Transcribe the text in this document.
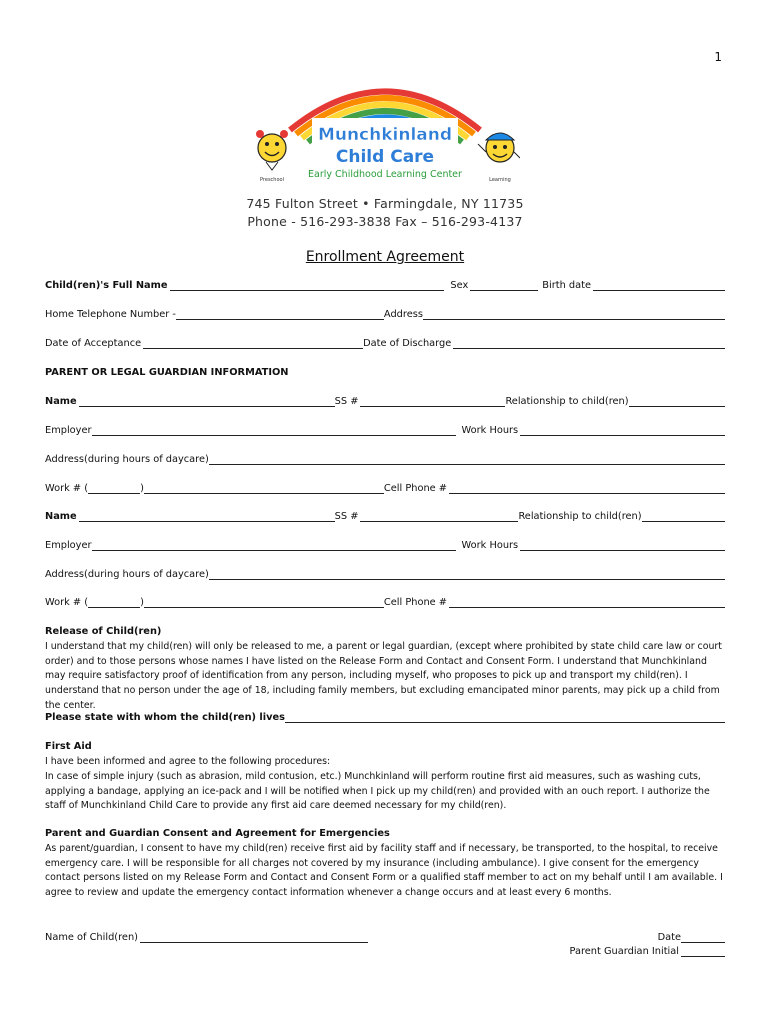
1
Munchkinland
Child Care
Early Childhood Learning Center
Preschool	Learning
745 Fulton Street • Farmingdale, NY 11735
Phone - 516-293-3838 Fax – 516-293-4137
Enrollment Agreement
Child(ren)'s Full Name	Sex	Birth date
Home Telephone Number -	Address
Date of Acceptance	Date of Discharge
PARENT OR LEGAL GUARDIAN INFORMATION
Name	SS #	Relationship to child(ren)
Employer	Work Hours
Address(during hours of daycare)
Work # (	)	Cell Phone #
Name	SS #	Relationship to child(ren)
Employer	Work Hours
Address(during hours of daycare)
Work # (	)	Cell Phone #
Release of Child(ren)
I understand that my child(ren) will only be released to me, a parent or legal guardian, (except where prohibited by state child care law or court order) and to those persons whose names I have listed on the Release Form and Contact and Consent Form. I understand that Munchkinland may require satisfactory proof of identification from any person, including myself, who proposes to pick up and transport my child(ren). I understand that no person under the age of 18, including family members, but excluding emancipated minor parents, may pick up a child from the center.
Please state with whom the child(ren) lives
First Aid
I have been informed and agree to the following procedures:
In case of simple injury (such as abrasion, mild contusion, etc.) Munchkinland will perform routine first aid measures, such as washing cuts, applying a bandage, applying an ice-pack and I will be notified when I pick up my child(ren) and provided with an ouch report. I authorize the staff of Munchkinland Child Care to provide any first aid care deemed necessary for my child(ren).
Parent and Guardian Consent and Agreement for Emergencies
As parent/guardian, I consent to have my child(ren) receive first aid by facility staff and if necessary, be transported, to the hospital, to receive emergency care. I will be responsible for all charges not covered by my insurance (including ambulance). I give consent for the emergency contact persons listed on my Release Form and Contact and Consent Form or a qualified staff member to act on my behalf until I am available. I agree to review and update the emergency contact information whenever a change occurs and at least every 6 months.
Name of Child(ren)	Date
Parent Guardian Initial
